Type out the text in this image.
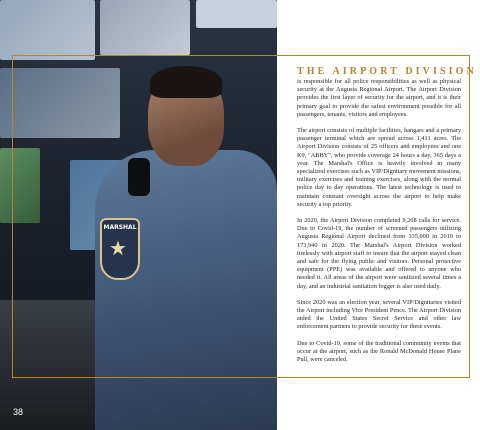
MARSHAL
★

THE AIRPORT DIVISION

is responsible for all police responsibilities as well as physical security at the Augusta Regional Airport. The Airport Division provides the first layer of security for the airport, and it is their primary goal to provide the safest environment possible for all passengers, tenants, visitors and employees.

The airport consists of multiple facilities, hangars and a primary passenger terminal which are spread across 1,411 acres. The Airport Division consists of 25 officers and employees and one K9, "ABBY", who provide coverage 24 hours a day, 365 days a year. The Marshal's Office is heavily involved in many specialized exercises such as VIP/Dignitary movement missions, military exercises and training exercises, along with the normal police day to day operations. The latest technology is used to maintain constant oversight across the airport to help make security a top priority.

In 2020, the Airport Division completed 9,268 calls for service. Due to Covid-19, the number of screened passengers utilizing Augusta Regional Airport declined from 335,000 in 2019 to 173,940 in 2020. The Marshal's Airport Division worked tirelessly with airport staff to insure that the airport stayed clean and safe for the flying public and visitors. Personal protective equipment (PPE) was available and offered to anyone who needed it. All areas of the airport were sanitized several times a day, and an industrial sanitation fogger is also used daily.

Since 2020 was an election year, several VIP/Dignitaries visited the Airport including Vice President Pence. The Airport Division aided the United States Secret Service and other law enforcement partners to provide security for these events.

Due to Covid-19, some of the traditional community events that occur at the airport, such as the Ronald McDonald House Plane Pull, were canceled.

38
